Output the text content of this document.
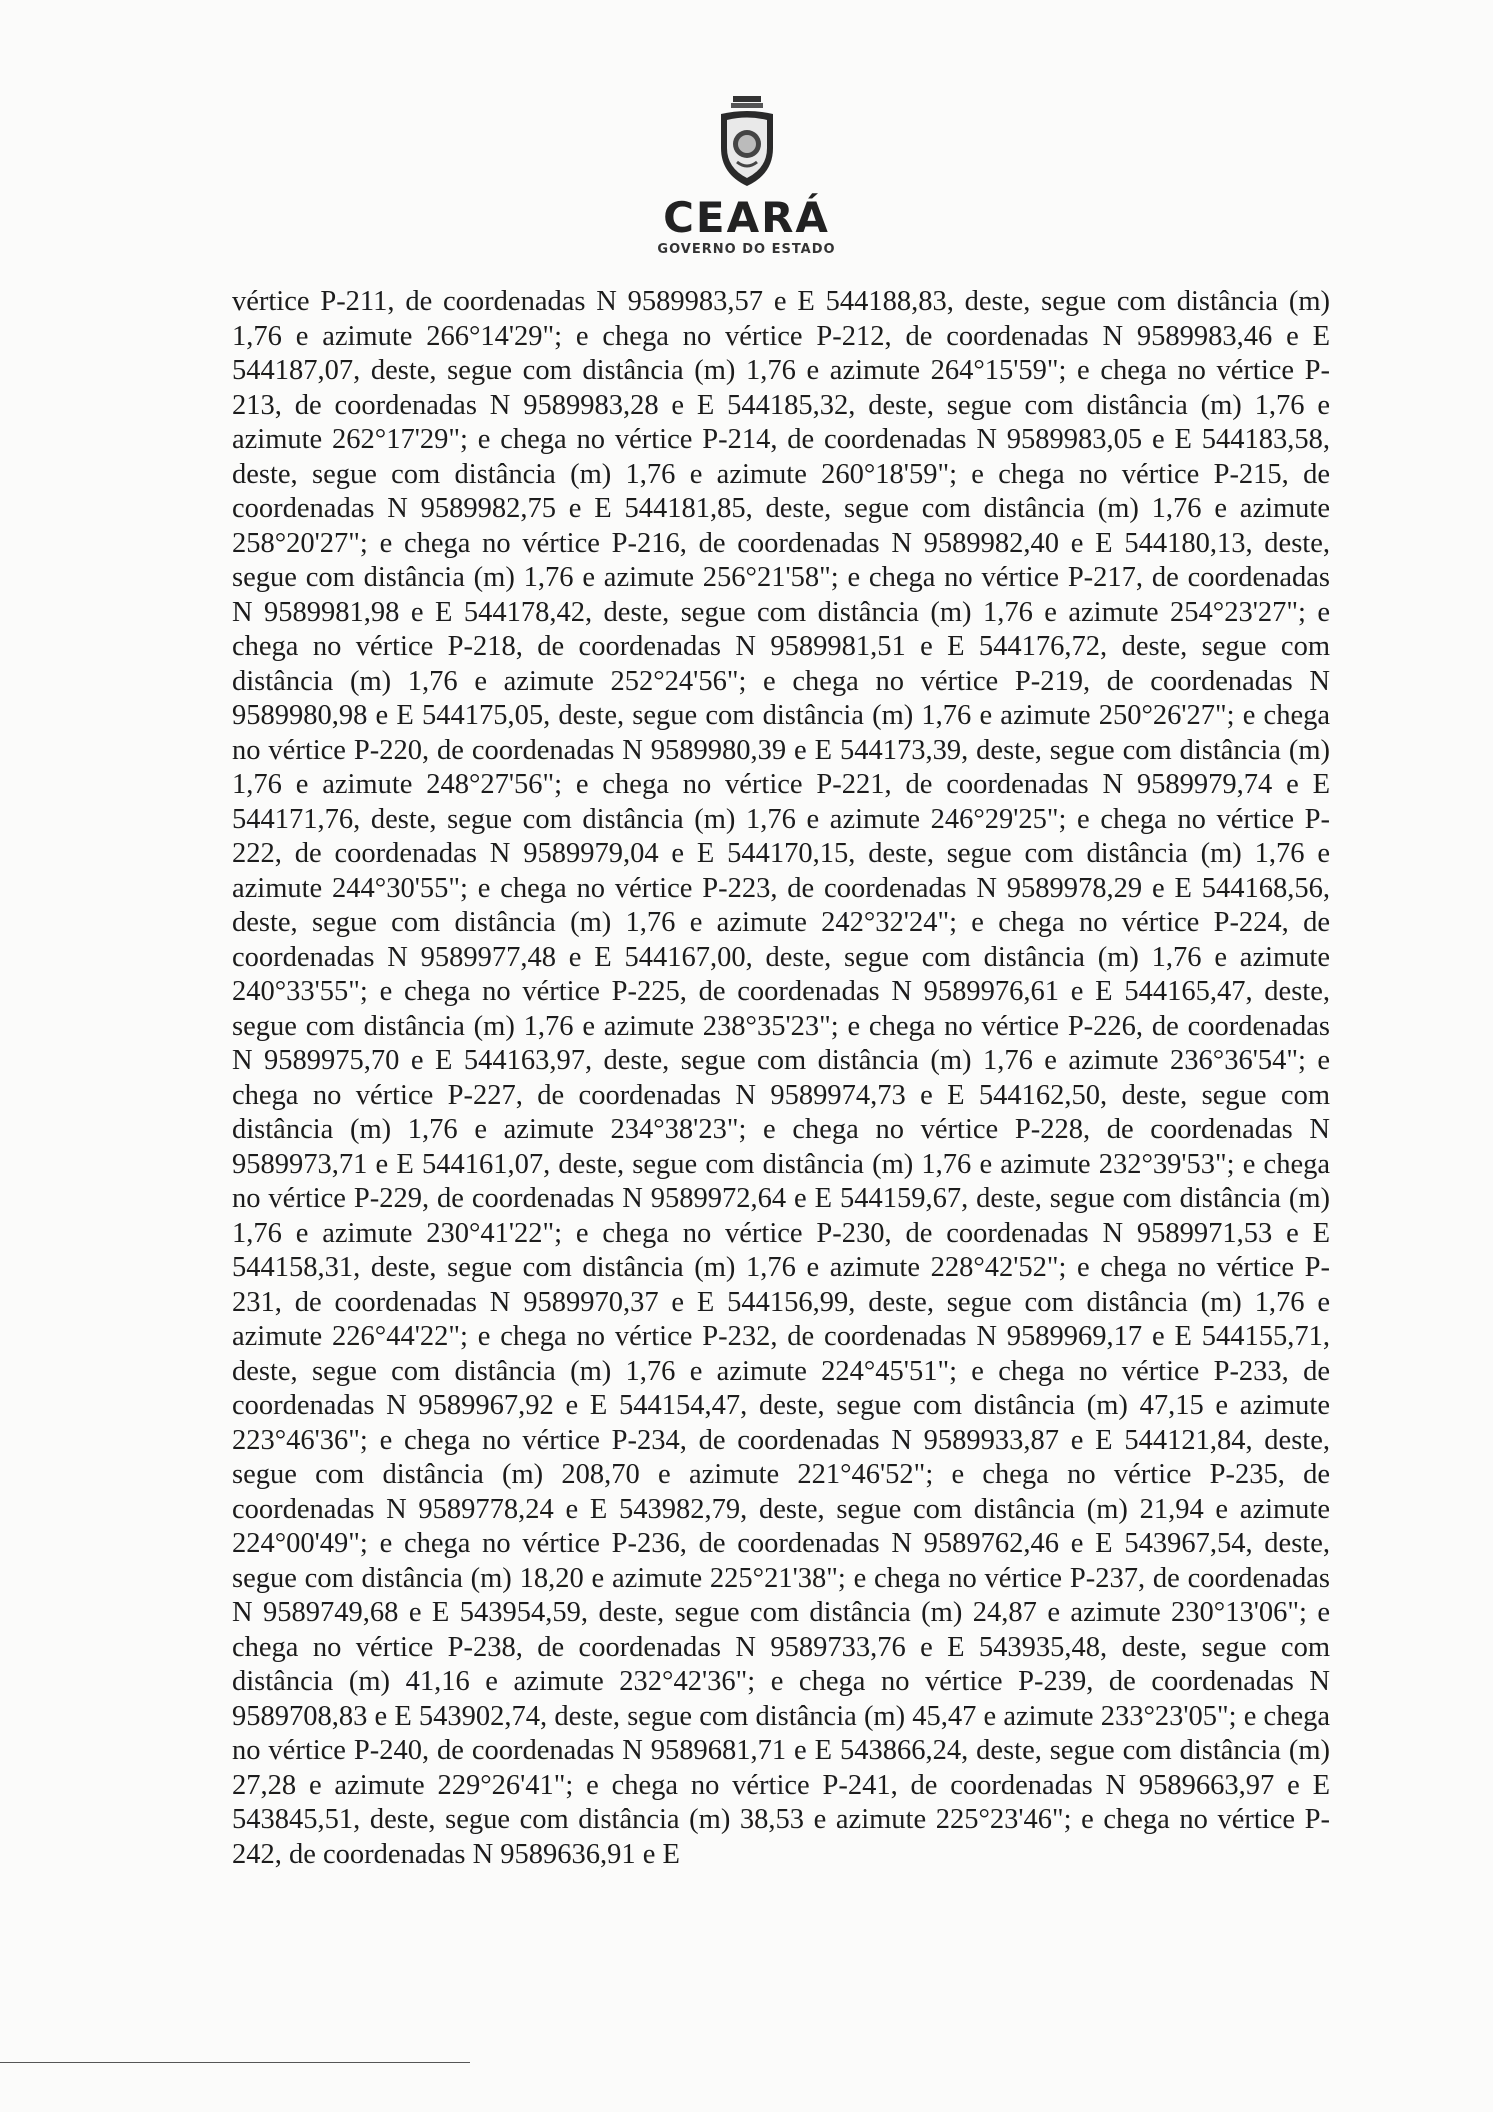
CEARÁ
GOVERNO DO ESTADO

vértice P-211, de coordenadas N 9589983,57 e E 544188,83, deste, segue com distância (m) 1,76 e azimute 266°14'29"; e chega no vértice P-212, de coordenadas N 9589983,46 e E 544187,07, deste, segue com distância (m) 1,76 e azimute 264°15'59"; e chega no vértice P-213, de coordenadas N 9589983,28 e E 544185,32, deste, segue com distância (m) 1,76 e azimute 262°17'29"; e chega no vértice P-214, de coordenadas N 9589983,05 e E 544183,58, deste, segue com distância (m) 1,76 e azimute 260°18'59"; e chega no vértice P-215, de coordenadas N 9589982,75 e E 544181,85, deste, segue com distância (m) 1,76 e azimute 258°20'27"; e chega no vértice P-216, de coordenadas N 9589982,40 e E 544180,13, deste, segue com distância (m) 1,76 e azimute 256°21'58"; e chega no vértice P-217, de coordenadas N 9589981,98 e E 544178,42, deste, segue com distância (m) 1,76 e azimute 254°23'27"; e chega no vértice P-218, de coordenadas N 9589981,51 e E 544176,72, deste, segue com distância (m) 1,76 e azimute 252°24'56"; e chega no vértice P-219, de coordenadas N 9589980,98 e E 544175,05, deste, segue com distância (m) 1,76 e azimute 250°26'27"; e chega no vértice P-220, de coordenadas N 9589980,39 e E 544173,39, deste, segue com distância (m) 1,76 e azimute 248°27'56"; e chega no vértice P-221, de coordenadas N 9589979,74 e E 544171,76, deste, segue com distância (m) 1,76 e azimute 246°29'25"; e chega no vértice P-222, de coordenadas N 9589979,04 e E 544170,15, deste, segue com distância (m) 1,76 e azimute 244°30'55"; e chega no vértice P-223, de coordenadas N 9589978,29 e E 544168,56, deste, segue com distância (m) 1,76 e azimute 242°32'24"; e chega no vértice P-224, de coordenadas N 9589977,48 e E 544167,00, deste, segue com distância (m) 1,76 e azimute 240°33'55"; e chega no vértice P-225, de coordenadas N 9589976,61 e E 544165,47, deste, segue com distância (m) 1,76 e azimute 238°35'23"; e chega no vértice P-226, de coordenadas N 9589975,70 e E 544163,97, deste, segue com distância (m) 1,76 e azimute 236°36'54"; e chega no vértice P-227, de coordenadas N 9589974,73 e E 544162,50, deste, segue com distância (m) 1,76 e azimute 234°38'23"; e chega no vértice P-228, de coordenadas N 9589973,71 e E 544161,07, deste, segue com distância (m) 1,76 e azimute 232°39'53"; e chega no vértice P-229, de coordenadas N 9589972,64 e E 544159,67, deste, segue com distância (m) 1,76 e azimute 230°41'22"; e chega no vértice P-230, de coordenadas N 9589971,53 e E 544158,31, deste, segue com distância (m) 1,76 e azimute 228°42'52"; e chega no vértice P-231, de coordenadas N 9589970,37 e E 544156,99, deste, segue com distância (m) 1,76 e azimute 226°44'22"; e chega no vértice P-232, de coordenadas N 9589969,17 e E 544155,71, deste, segue com distância (m) 1,76 e azimute 224°45'51"; e chega no vértice P-233, de coordenadas N 9589967,92 e E 544154,47, deste, segue com distância (m) 47,15 e azimute 223°46'36"; e chega no vértice P-234, de coordenadas N 9589933,87 e E 544121,84, deste, segue com distância (m) 208,70 e azimute 221°46'52"; e chega no vértice P-235, de coordenadas N 9589778,24 e E 543982,79, deste, segue com distância (m) 21,94 e azimute 224°00'49"; e chega no vértice P-236, de coordenadas N 9589762,46 e E 543967,54, deste, segue com distância (m) 18,20 e azimute 225°21'38"; e chega no vértice P-237, de coordenadas N 9589749,68 e E 543954,59, deste, segue com distância (m) 24,87 e azimute 230°13'06"; e chega no vértice P-238, de coordenadas N 9589733,76 e E 543935,48, deste, segue com distância (m) 41,16 e azimute 232°42'36"; e chega no vértice P-239, de coordenadas N 9589708,83 e E 543902,74, deste, segue com distância (m) 45,47 e azimute 233°23'05"; e chega no vértice P-240, de coordenadas N 9589681,71 e E 543866,24, deste, segue com distância (m) 27,28 e azimute 229°26'41"; e chega no vértice P-241, de coordenadas N 9589663,97 e E 543845,51, deste, segue com distância (m) 38,53 e azimute 225°23'46"; e chega no vértice P-242, de coordenadas N 9589636,91 e E
